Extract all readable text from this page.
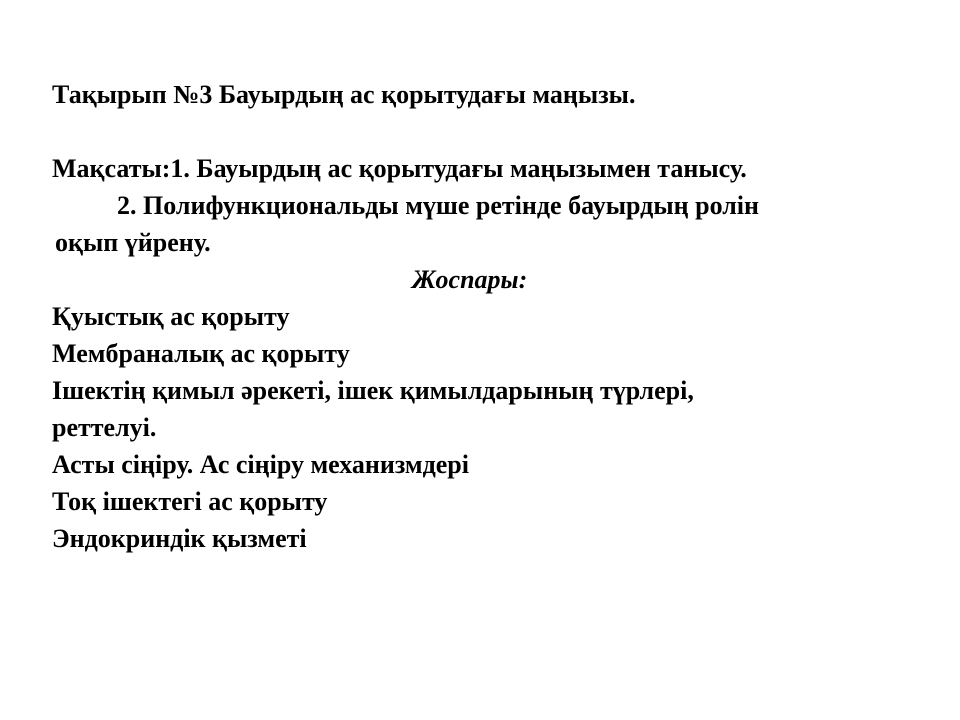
Тақырып №3 Бауырдың ас қорытудағы маңызы.

Мақсаты:1. Бауырдың ас қорытудағы маңызымен танысу.

2. Полифункциональды мүше ретінде бауырдың ролін

оқып үйрену.

Жоспары:

Қуыстық ас қорыту

Мембраналық ас қорыту

Ішектің қимыл әрекеті, ішек қимылдарының түрлері,

реттелуі.

Асты сіңіру. Ас сіңіру механизмдері

Тоқ ішектегі ас қорыту

Эндокриндік қызметі
